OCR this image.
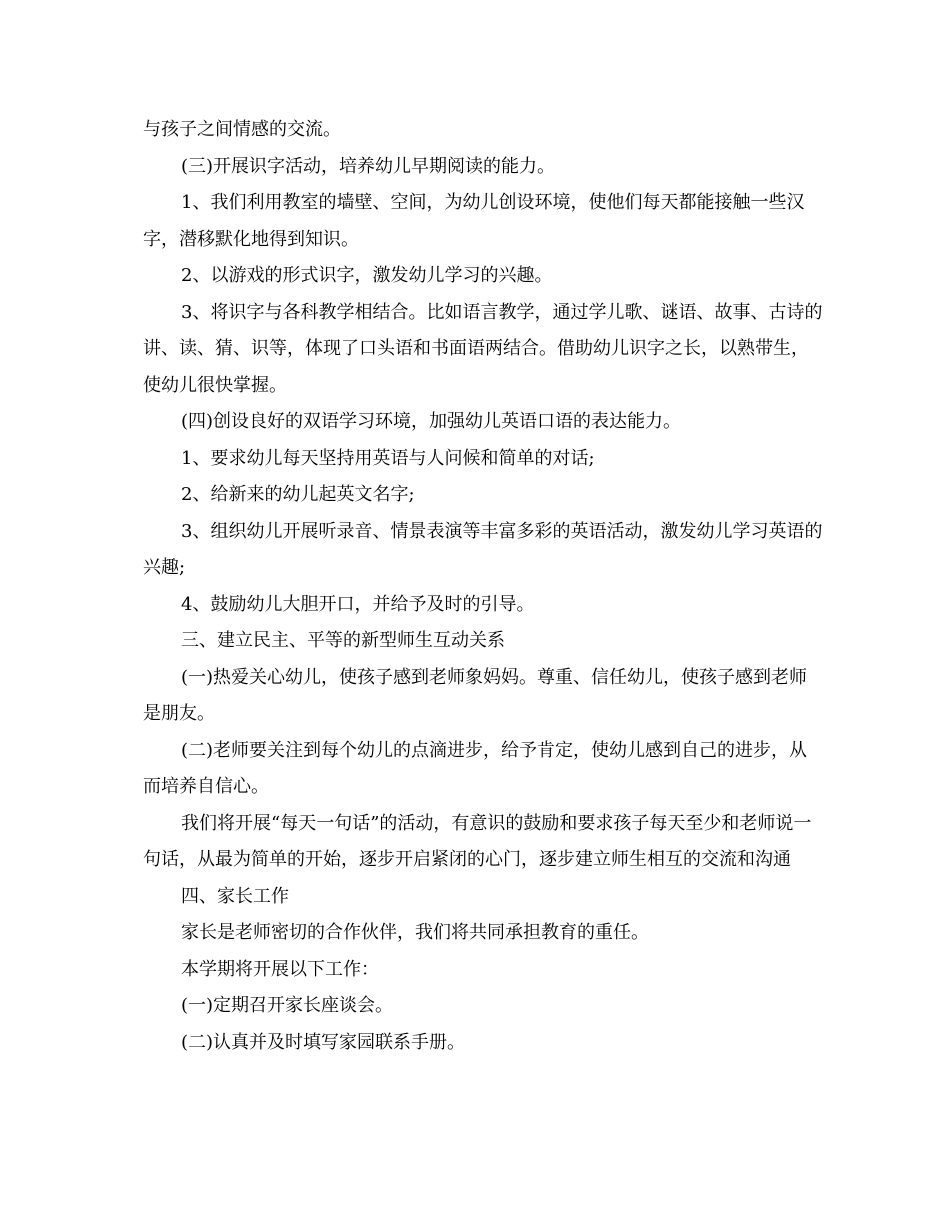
与孩子之间情感的交流。

(三)开展识字活动，培养幼儿早期阅读的能力。

1、我们利用教室的墙壁、空间，为幼儿创设环境，使他们每天都能接触一些汉字，潜移默化地得到知识。

2、以游戏的形式识字，激发幼儿学习的兴趣。

3、将识字与各科教学相结合。比如语言教学，通过学儿歌、谜语、故事、古诗的讲、读、猜、识等，体现了口头语和书面语两结合。借助幼儿识字之长，以熟带生，使幼儿很快掌握。

(四)创设良好的双语学习环境，加强幼儿英语口语的表达能力。

1、要求幼儿每天坚持用英语与人问候和简单的对话;

2、给新来的幼儿起英文名字;

3、组织幼儿开展听录音、情景表演等丰富多彩的英语活动，激发幼儿学习英语的兴趣;

4、鼓励幼儿大胆开口，并给予及时的引导。

三、建立民主、平等的新型师生互动关系

(一)热爱关心幼儿，使孩子感到老师象妈妈。尊重、信任幼儿，使孩子感到老师是朋友。

(二)老师要关注到每个幼儿的点滴进步，给予肯定，使幼儿感到自己的进步，从而培养自信心。

我们将开展“每天一句话”的活动，有意识的鼓励和要求孩子每天至少和老师说一句话，从最为简单的开始，逐步开启紧闭的心门，逐步建立师生相互的交流和沟通

四、家长工作

家长是老师密切的合作伙伴，我们将共同承担教育的重任。

本学期将开展以下工作：

(一)定期召开家长座谈会。

(二)认真并及时填写家园联系手册。
